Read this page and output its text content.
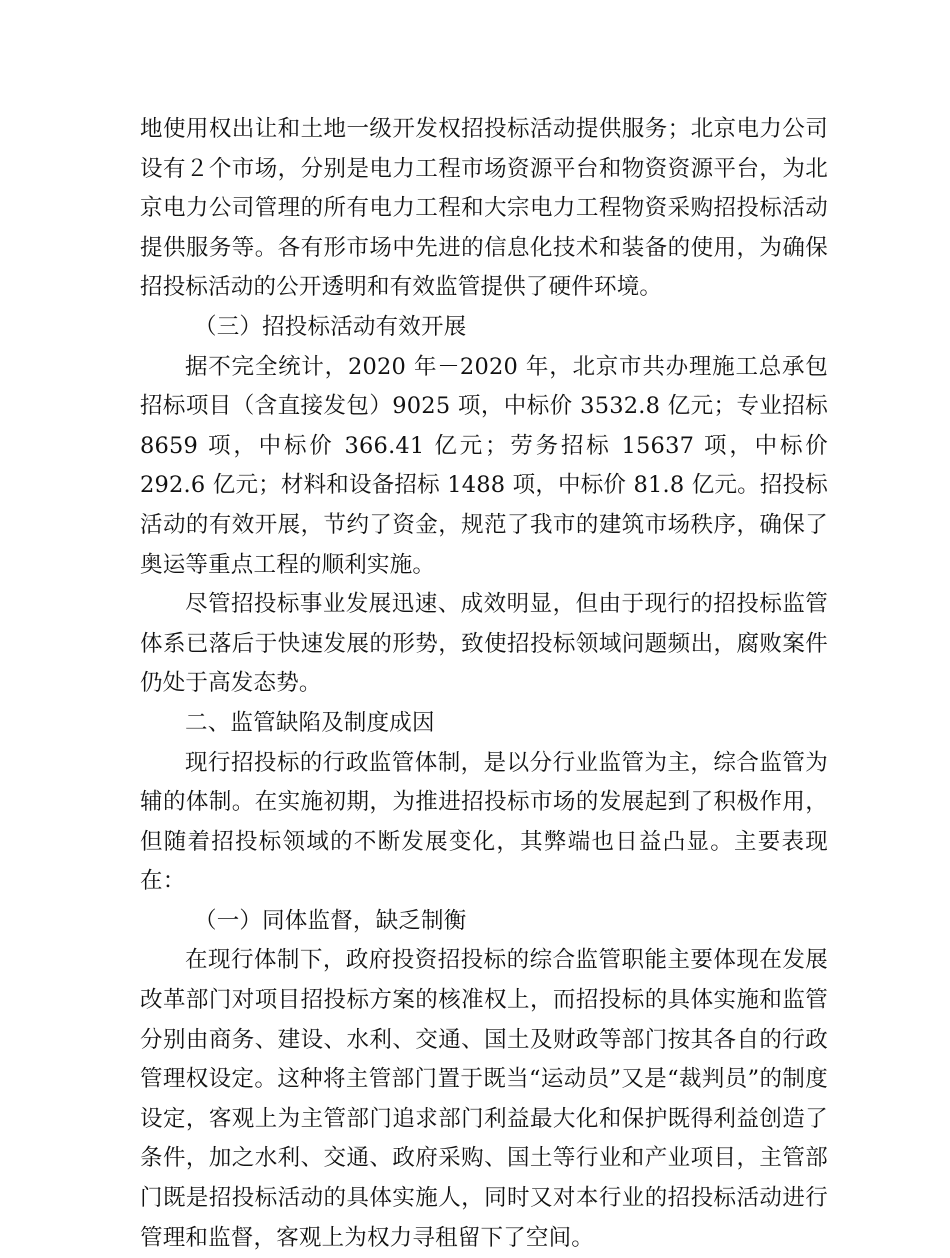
地使用权出让和土地一级开发权招投标活动提供服务；北京电力公司设有２个市场，分别是电力工程市场资源平台和物资资源平台，为北京电力公司管理的所有电力工程和大宗电力工程物资采购招投标活动提供服务等。各有形市场中先进的信息化技术和装备的使用，为确保招投标活动的公开透明和有效监管提供了硬件环境。

（三）招投标活动有效开展

据不完全统计，2020 年－2020 年，北京市共办理施工总承包招标项目（含直接发包）9025 项，中标价 3532.8 亿元；专业招标 8659 项，中标价 366.41 亿元；劳务招标 15637 项，中标价 292.6 亿元；材料和设备招标 1488 项，中标价 81.8 亿元。招投标活动的有效开展，节约了资金，规范了我市的建筑市场秩序，确保了奥运等重点工程的顺利实施。

尽管招投标事业发展迅速、成效明显，但由于现行的招投标监管体系已落后于快速发展的形势，致使招投标领域问题频出，腐败案件仍处于高发态势。

二、监管缺陷及制度成因

现行招投标的行政监管体制，是以分行业监管为主，综合监管为辅的体制。在实施初期，为推进招投标市场的发展起到了积极作用，但随着招投标领域的不断发展变化，其弊端也日益凸显。主要表现在：

（一）同体监督，缺乏制衡

在现行体制下，政府投资招投标的综合监管职能主要体现在发展改革部门对项目招投标方案的核准权上，而招投标的具体实施和监管分别由商务、建设、水利、交通、国土及财政等部门按其各自的行政管理权设定。这种将主管部门置于既当“运动员”又是“裁判员”的制度设定，客观上为主管部门追求部门利益最大化和保护既得利益创造了条件，加之水利、交通、政府采购、国土等行业和产业项目，主管部门既是招投标活动的具体实施人，同时又对本行业的招投标活动进行管理和监督，客观上为权力寻租留下了空间。
